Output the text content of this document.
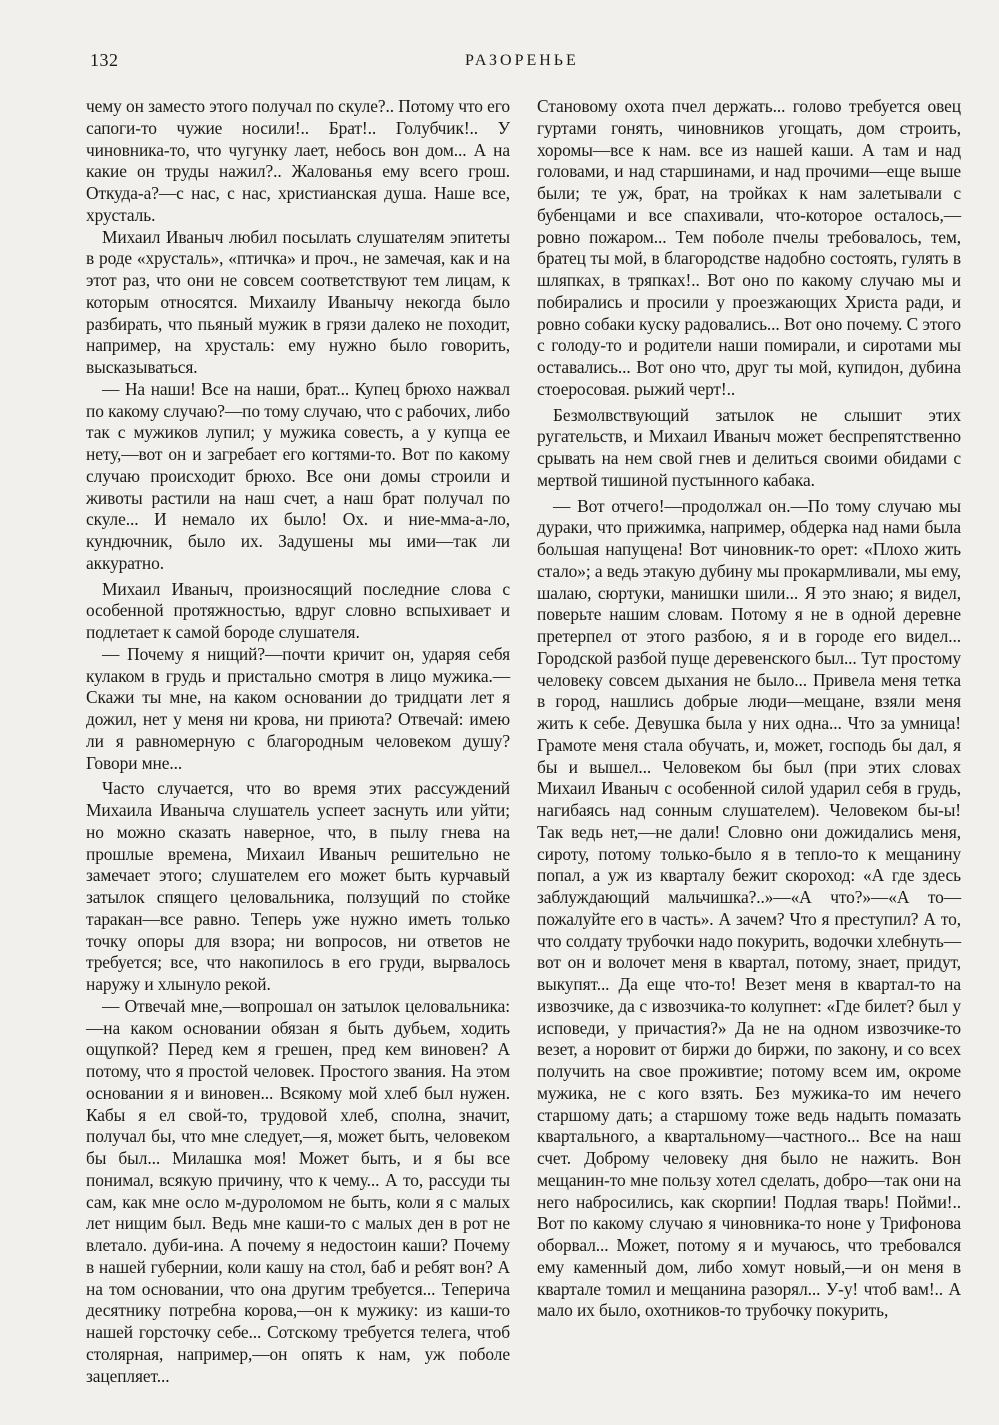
132	РАЗОРЕНЬЕ

чему он заместо этого получал по скуле?.. Потому что его сапоги-то чужие носили!.. Брат!.. Голубчик!.. У чиновника-то, что чугунку лает, небось вон дом... А на какие он труды нажил?.. Жалованья ему всего грош. Откуда-а?—с нас, с нас, христианская душа. Наше все, хрусталь.

Михаил Иваныч любил посылать слушателям эпитеты в роде «хрусталь», «птичка» и проч., не замечая, как и на этот раз, что они не совсем соответствуют тем лицам, к которым относятся. Михаилу Иванычу некогда было разбирать, что пьяный мужик в грязи далеко не походит, например, на хрусталь: ему нужно было говорить, высказываться.

— На наши! Все на наши, брат... Купец брюхо нажвал по какому случаю?—по тому случаю, что с рабочих, либо так с мужиков лупил; у мужика совесть, а у купца ее нету,—вот он и загребает его когтями-то. Вот по какому случаю происходит брюхо. Все они домы строили и животы растили на наш счет, а наш брат получал по скуле... И немало их было! Ох. и ние-мма-а-ло, кундючник, было их. Задушены мы ими—так ли аккуратно.

Михаил Иваныч, произносящий последние слова с особенной протяжностью, вдруг словно вспыхивает и подлетает к самой бороде слушателя.

— Почему я нищий?—почти кричит он, ударяя себя кулаком в грудь и пристально смотря в лицо мужика.—Скажи ты мне, на каком основании до тридцати лет я дожил, нет у меня ни крова, ни приюта? Отвечай: имею ли я равномерную с благородным человеком душу? Говори мне...

Часто случается, что во время этих рассуждений Михаила Иваныча слушатель успеет заснуть или уйти; но можно сказать наверное, что, в пылу гнева на прошлые времена, Михаил Иваныч решительно не замечает этого; слушателем его может быть курчавый затылок спящего целовальника, ползущий по стойке таракан—все равно. Теперь уже нужно иметь только точку опоры для взора; ни вопросов, ни ответов не требуется; все, что накопилось в его груди, вырвалось наружу и хлынуло рекой.

— Отвечай мне,—вопрошал он затылок целовальника:—на каком основании обязан я быть дубьем, ходить ощупкой? Перед кем я грешен, пред кем виновен? А потому, что я простой человек. Простого звания. На этом основании я и виновен... Всякому мой хлеб был нужен. Кабы я ел свой-то, трудовой хлеб, сполна, значит, получал бы, что мне следует,—я, может быть, человеком бы был... Милашка моя! Может быть, и я бы все понимал, всякую причину, что к чему... А то, рассуди ты сам, как мне осло м-дуроломом не быть, коли я с малых лет нищим был. Ведь мне каши-то с малых ден в рот не влетало. дуби-ина. А почему я недостоин каши? Почему в нашей губернии, коли кашу на стол, баб и ребят вон? А на том основании, что она другим требуется... Теперича десятнику потребна корова,—он к мужику: из каши-то нашей горсточку себе... Сотскому требуется телега, чтоб столярная, например,—он опять к нам, уж поболе зацепляет...

Становому охота пчел держать... голово требуется овец гуртами гонять, чиновников угощать, дом строить, хоромы—все к нам. все из нашей каши. А там и над головами, и над старшинами, и над прочими—еще выше были; те уж, брат, на тройках к нам залетывали с бубенцами и все спахивали, что-которое осталось,—ровно пожаром... Тем поболе пчелы требовалось, тем, братец ты мой, в благородстве надобно состоять, гулять в шляпках, в тряпках!.. Вот оно по какому случаю мы и побирались и просили у проезжающих Христа ради, и ровно собаки куску радовались... Вот оно почему. С этого с голоду-то и родители наши помирали, и сиротами мы оставались... Вот оно что, друг ты мой, купидон, дубина стоеросовая. рыжий черт!..

Безмолвствующий затылок не слышит этих ругательств, и Михаил Иваныч может беспрепятственно срывать на нем свой гнев и делиться своими обидами с мертвой тишиной пустынного кабака.

— Вот отчего!—продолжал он.—По тому случаю мы дураки, что прижимка, например, обдерка над нами была большая напущена! Вот чиновник-то орет: «Плохо жить стало»; а ведь этакую дубину мы прокармливали, мы ему, шалаю, сюртуки, манишки шили... Я это знаю; я видел, поверьте нашим словам. Потому я не в одной деревне претерпел от этого разбою, я и в городе его видел... Городской разбой пуще деревенского был... Тут простому человеку совсем дыхания не было... Привела меня тетка в город, нашлись добрые люди—мещане, взяли меня жить к себе. Девушка была у них одна... Что за умница! Грамоте меня стала обучать, и, может, господь бы дал, я бы и вышел... Человеком бы был (при этих словах Михаил Иваныч с особенной силой ударил себя в грудь, нагибаясь над сонным слушателем). Человеком бы-ы! Так ведь нет,—не дали! Словно они дожидались меня, сироту, потому только-было я в тепло-то к мещанину попал, а уж из кварталу бежит скороход: «А где здесь заблуждающий мальчишка?..»—«А что?»—«А то—пожалуйте его в часть». А зачем? Что я преступил? А то, что солдату трубочки надо покурить, водочки хлебнуть—вот он и волочет меня в квартал, потому, знает, придут, выкупят... Да еще что-то! Везет меня в квартал-то на извозчике, да с извозчика-то колупнет: «Где билет? был у исповеди, у причастия?» Да не на одном извозчике-то везет, а норовит от биржи до биржи, по закону, и со всех получить на свое проживтие; потому всем им, окроме мужика, не с кого взять. Без мужика-то им нечего старшому дать; а старшому тоже ведь надыть помазать квартального, а квартальному—частного... Все на наш счет. Доброму человеку дня было не нажить. Вон мещанин-то мне пользу хотел сделать, добро—так они на него набросились, как скорпии! Подлая тварь! Пойми!.. Вот по какому случаю я чиновника-то ноне у Трифонова оборвал... Может, потому я и мучаюсь, что требовался ему каменный дом, либо хомут новый,—и он меня в квартале томил и мещанина разорял... У-у! чтоб вам!.. А мало их было, охотников-то трубочку покурить,
